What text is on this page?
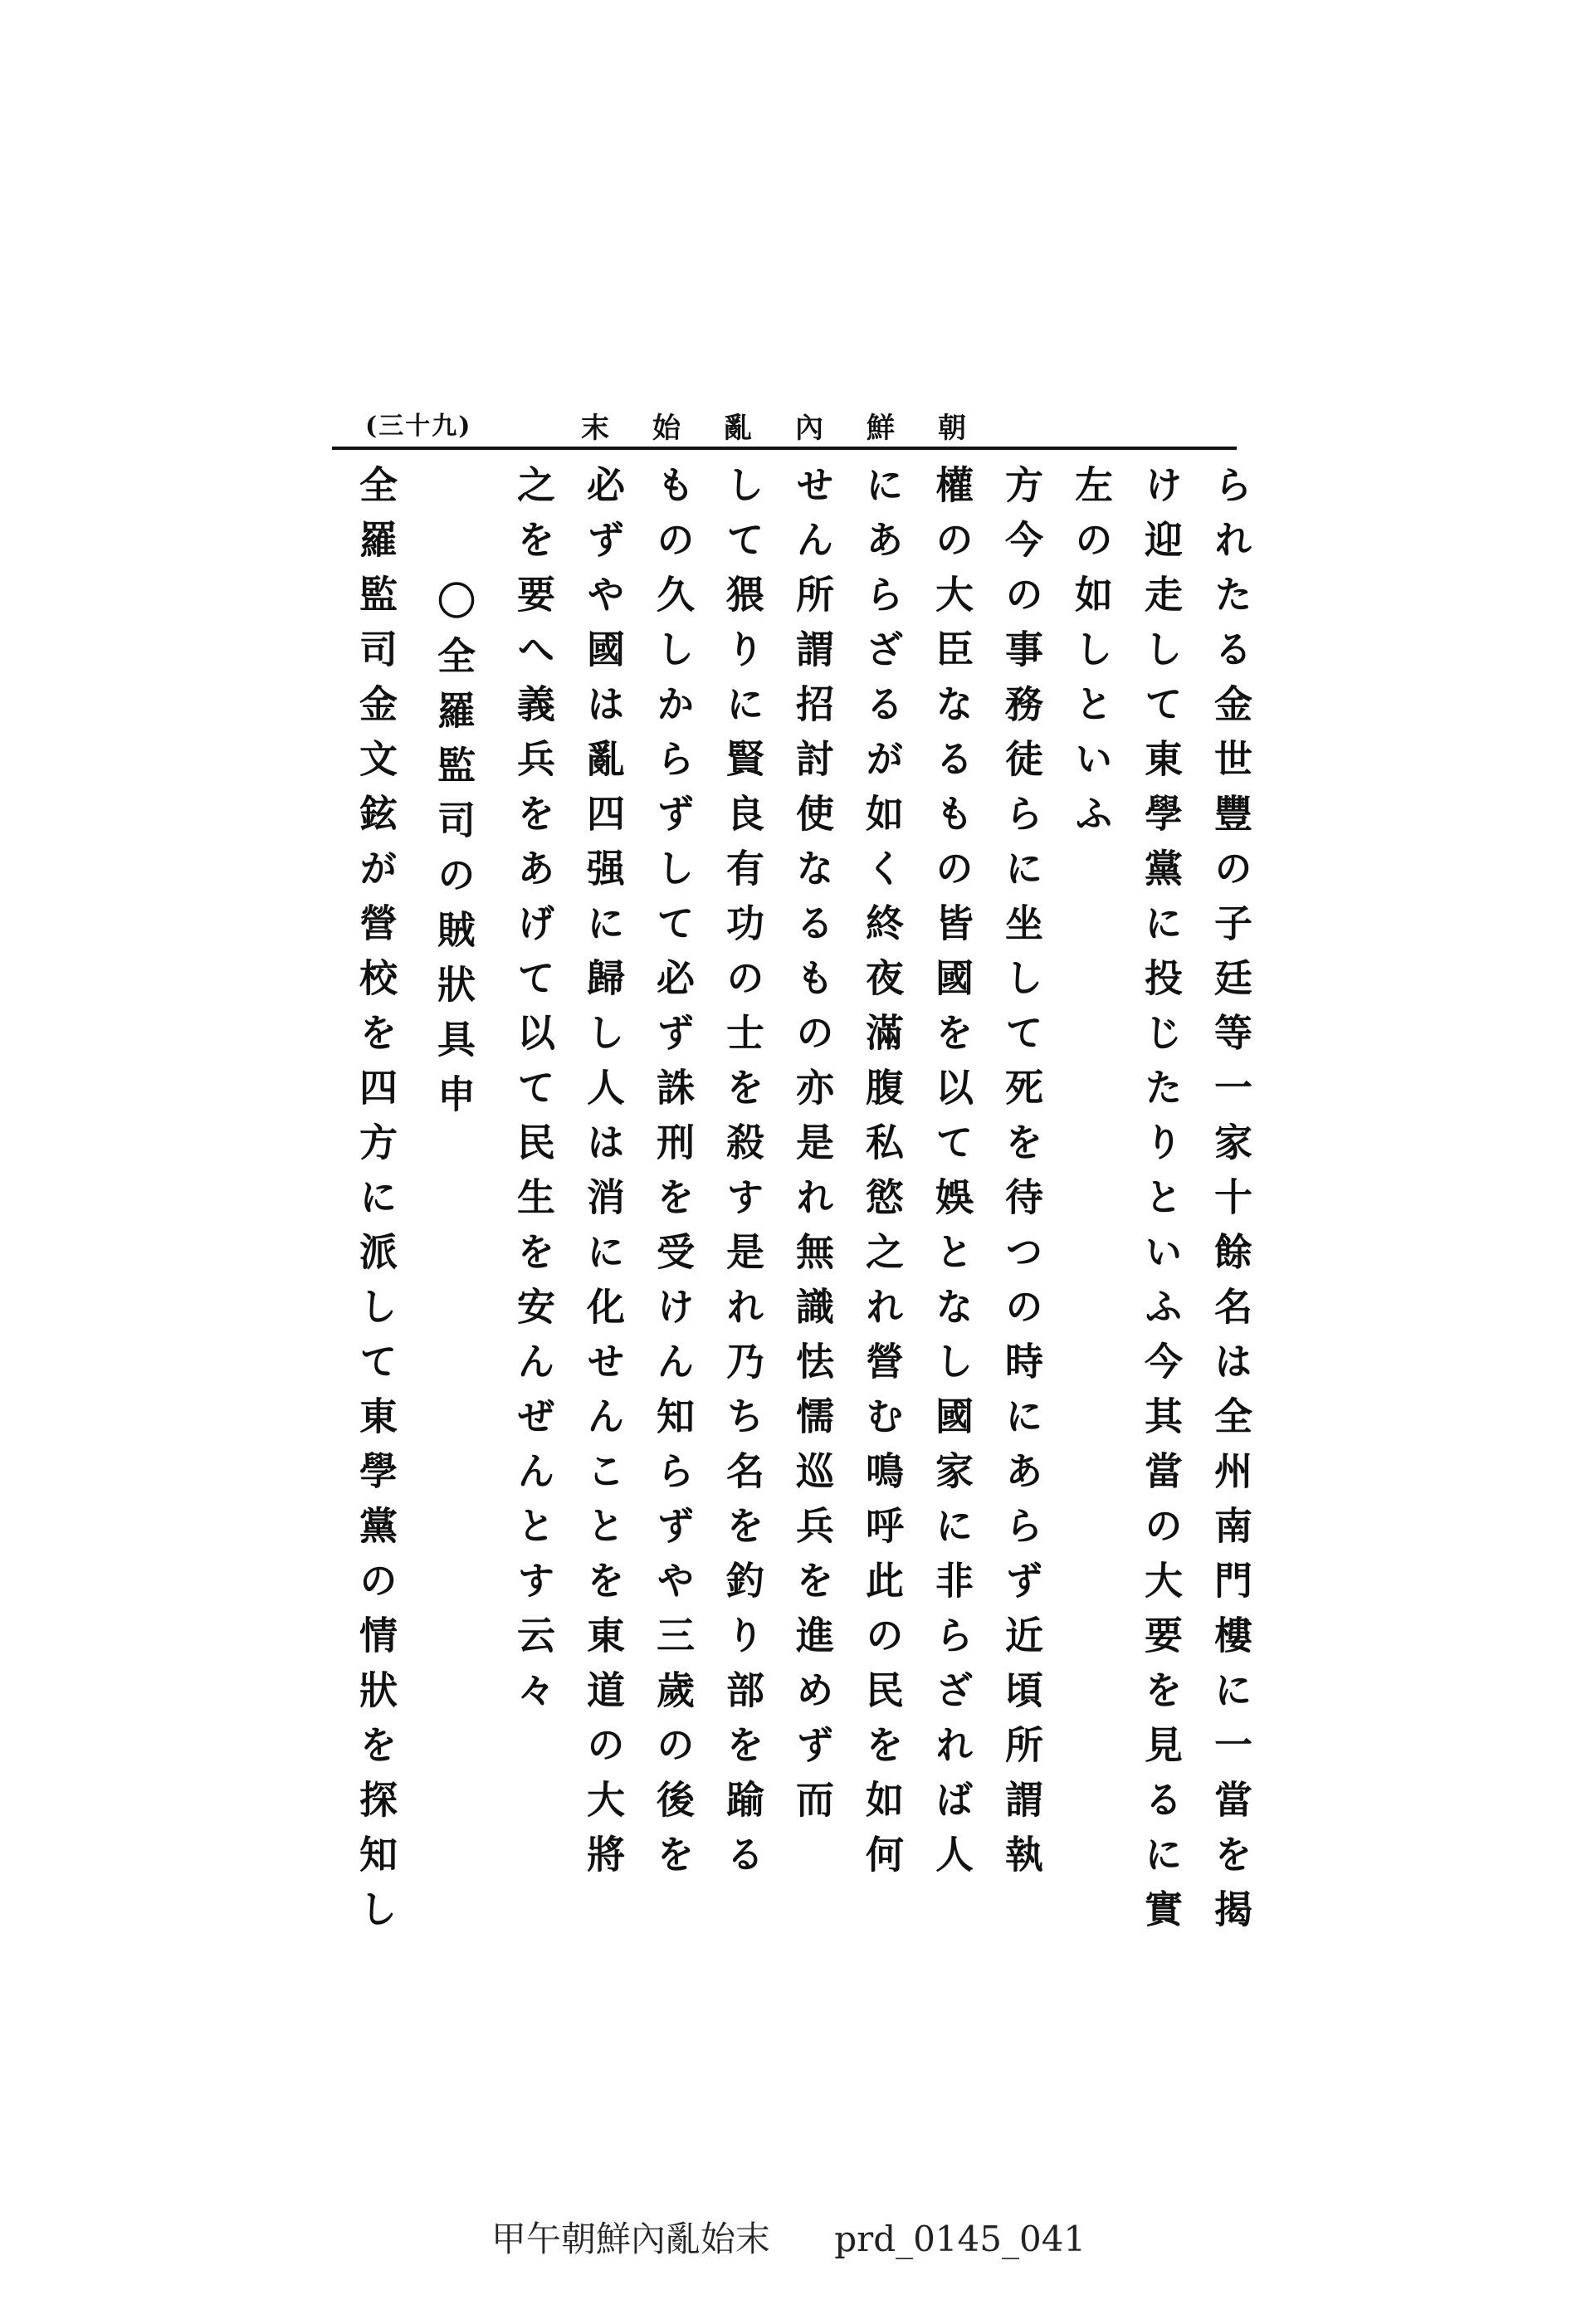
(三十九)	末始亂內鮮朝
られたる金世豐の子廷等一家十餘名は全州南門樓に一當を揭
け迎走して東學黨に投じたりといふ今其當の大要を見るに實
左の如しといふ
方今の事務徒らに坐して死を待つの時にあらず近頃所謂執
權の大臣なるもの皆國を以て娛となし國家に非らざれば人
にあらざるが如く終夜滿腹私慾之れ營む鳴呼此の民を如何
せん所謂招討使なるもの亦是れ無識怯懦巡兵を進めず而
して猥りに賢良有功の士を殺す是れ乃ち名を釣り部を踰る
もの久しからずして必ず誅刑を受けん知らずや三歲の後を
必ずや國は亂四强に歸し人は消に化せんことを東道の大將
之を要へ義兵をあげて以て民生を安んぜんとす云々
〇全羅監司の賊狀具申
全羅監司金文鉉が營校を四方に派して東學黨の情狀を探知し
甲午朝鮮內亂始末 prd_0145_041
